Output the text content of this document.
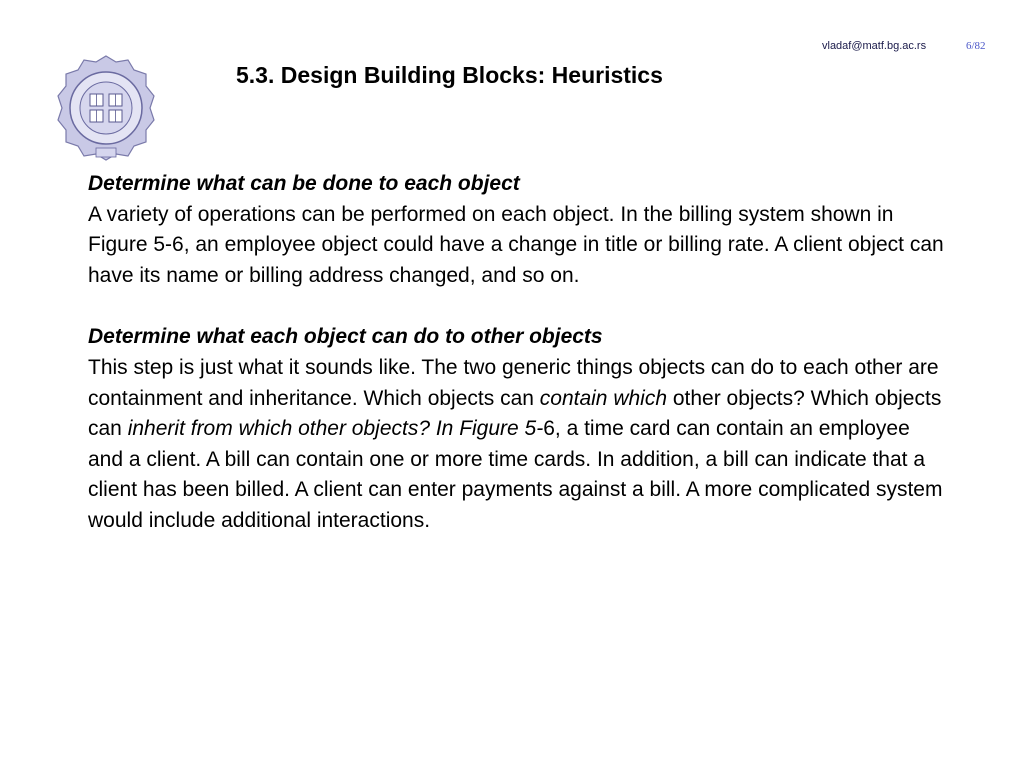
vladaf@matf.bg.ac.rs	6/82
5.3. Design Building Blocks: Heuristics

Determine what can be done to each object

A variety of operations can be performed on each object. In the billing system shown in Figure 5-6, an employee object could have a change in title or billing rate. A client object can have its name or billing address changed, and so on.

Determine what each object can do to other objects

This step is just what it sounds like. The two generic things objects can do to each other are containment and inheritance. Which objects can contain which other objects? Which objects can inherit from which other objects? In Figure 5-6, a time card can contain an employee and a client. A bill can contain one or more time cards. In addition, a bill can indicate that a client has been billed. A client can enter payments against a bill. A more complicated system would include additional interactions.
